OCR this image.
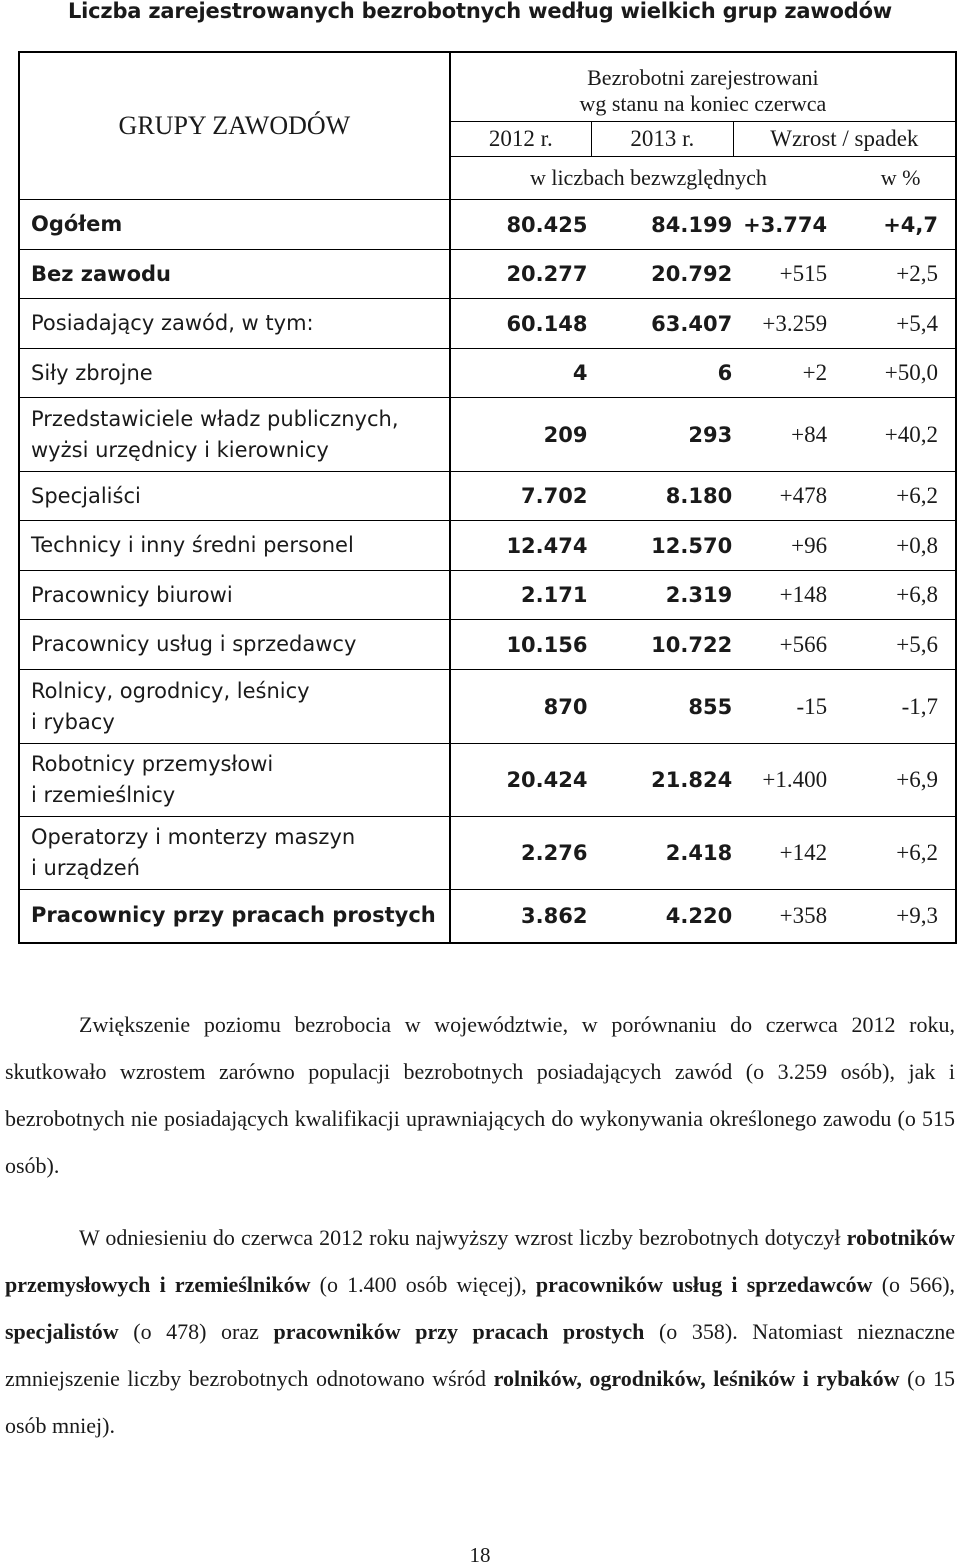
Liczba zarejestrowanych bezrobotnych według wielkich grup zawodów
GRUPY ZAWODÓW	Bezrobotni zarejestrowani
wg stanu na koniec czerwca			

	2012 r.	2013 r.	Wzrost / spadek	
	w liczbach bezwzględnych			w %
Ogółem	80.425	84.199	+3.774	+4,7
Bez zawodu	20.277	20.792	+515	+2,5
Posiadający zawód, w tym:	60.148	63.407	+3.259	+5,4
Siły zbrojne	4	6	+2	+50,0

Przedstawiciele władz publicznych,
wyżsi urzędnicy i kierownicy	209	293	+84	+40,2
Specjaliści	7.702	8.180	+478	+6,2
Technicy i inny średni personel	12.474	12.570	+96	+0,8
Pracownicy biurowi	2.171	2.319	+148	+6,8
Pracownicy usług i sprzedawcy	10.156	10.722	+566	+5,6

Rolnicy, ogrodnicy, leśnicy
i rybacy	870	855	-15	-1,7

Robotnicy przemysłowi
i rzemieślnicy	20.424	21.824	+1.400	+6,9

Operatorzy i monterzy maszyn
i urządzeń	2.276	2.418	+142	+6,2
Pracownicy przy pracach prostych	3.862	4.220	+358	+9,3

Zwiększenie poziomu bezrobocia w województwie, w porównaniu do czerwca 2012 roku, skutkowało wzrostem zarówno populacji bezrobotnych posiadających zawód (o 3.259 osób), jak i bezrobotnych nie posiadających kwalifikacji uprawniających do wykonywania określonego zawodu (o 515 osób).

W odniesieniu do czerwca 2012 roku najwyższy wzrost liczby bezrobotnych dotyczył robotników przemysłowych i rzemieślników (o 1.400 osób więcej), pracowników usług i sprzedawców (o 566), specjalistów (o 478) oraz pracowników przy pracach prostych (o 358). Natomiast nieznaczne zmniejszenie liczby bezrobotnych odnotowano wśród rolników, ogrodników, leśników i rybaków (o 15 osób mniej).

18
